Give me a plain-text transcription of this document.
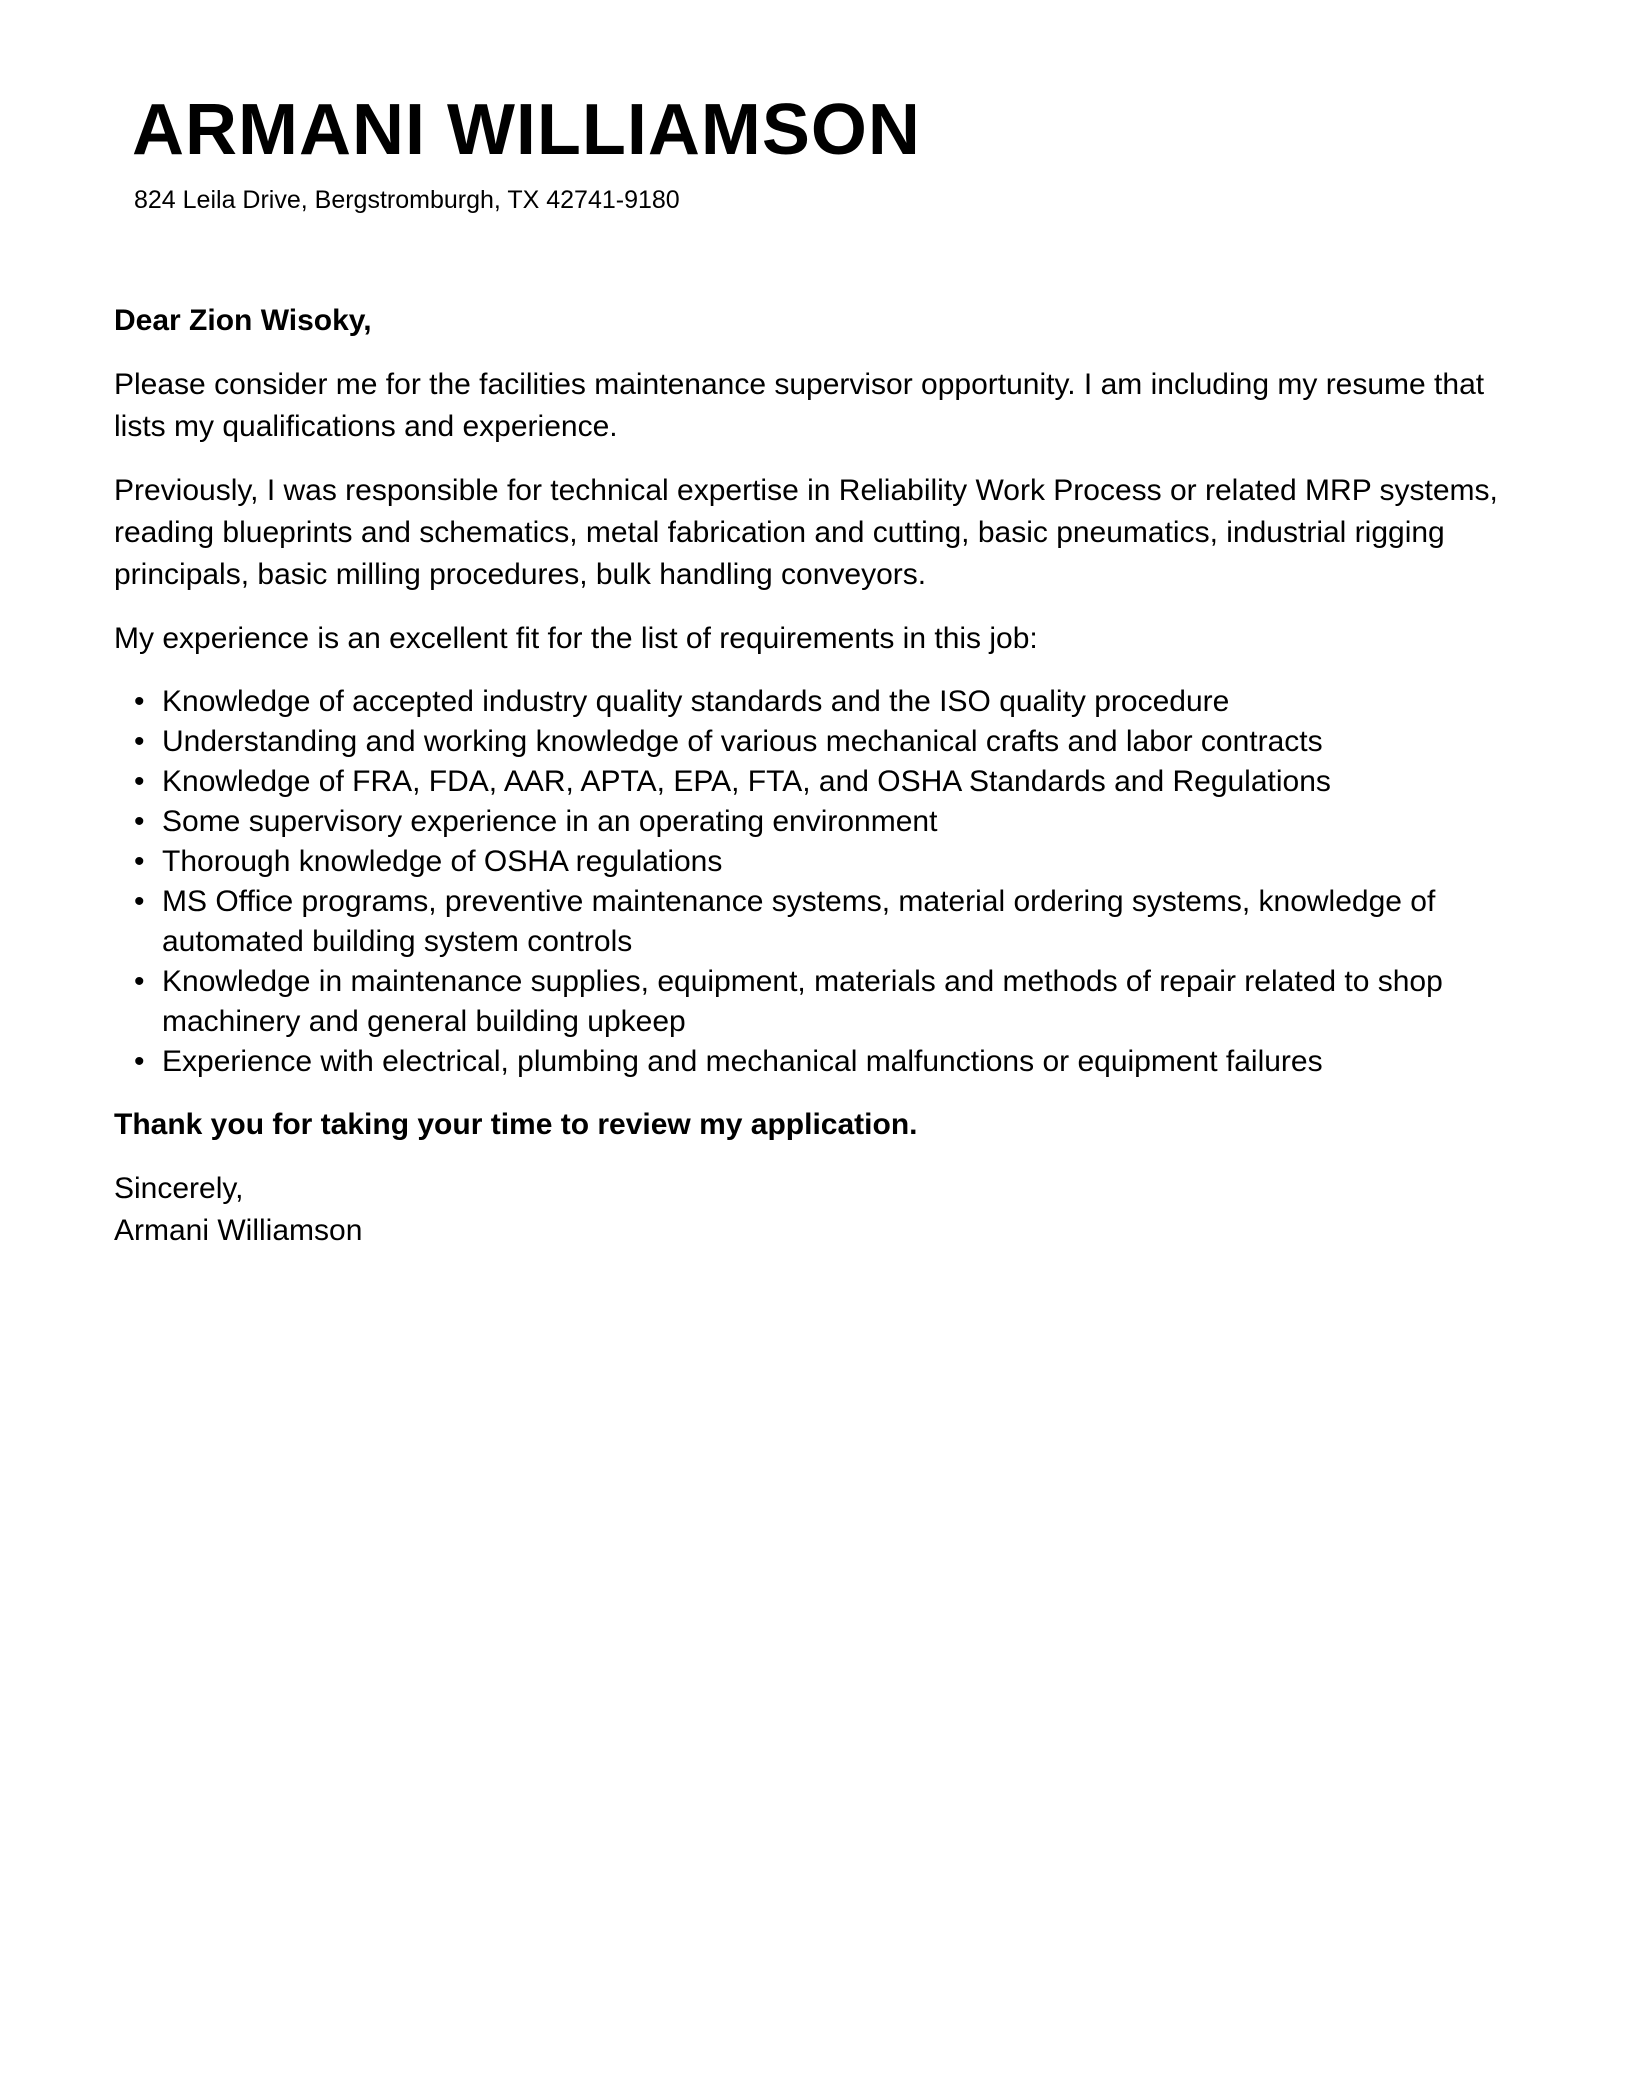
ARMANI WILLIAMSON
824 Leila Drive, Bergstromburgh, TX 42741-9180

Dear Zion Wisoky,

Please consider me for the facilities maintenance supervisor opportunity. I am including my resume that lists my qualifications and experience.

Previously, I was responsible for technical expertise in Reliability Work Process or related MRP systems, reading blueprints and schematics, metal fabrication and cutting, basic pneumatics, industrial rigging principals, basic milling procedures, bulk handling conveyors.

My experience is an excellent fit for the list of requirements in this job:

• Knowledge of accepted industry quality standards and the ISO quality procedure
• Understanding and working knowledge of various mechanical crafts and labor contracts
• Knowledge of FRA, FDA, AAR, APTA, EPA, FTA, and OSHA Standards and Regulations
• Some supervisory experience in an operating environment
• Thorough knowledge of OSHA regulations
• MS Office programs, preventive maintenance systems, material ordering systems, knowledge of automated building system controls
• Knowledge in maintenance supplies, equipment, materials and methods of repair related to shop machinery and general building upkeep
• Experience with electrical, plumbing and mechanical malfunctions or equipment failures

Thank you for taking your time to review my application.

Sincerely,
Armani Williamson
